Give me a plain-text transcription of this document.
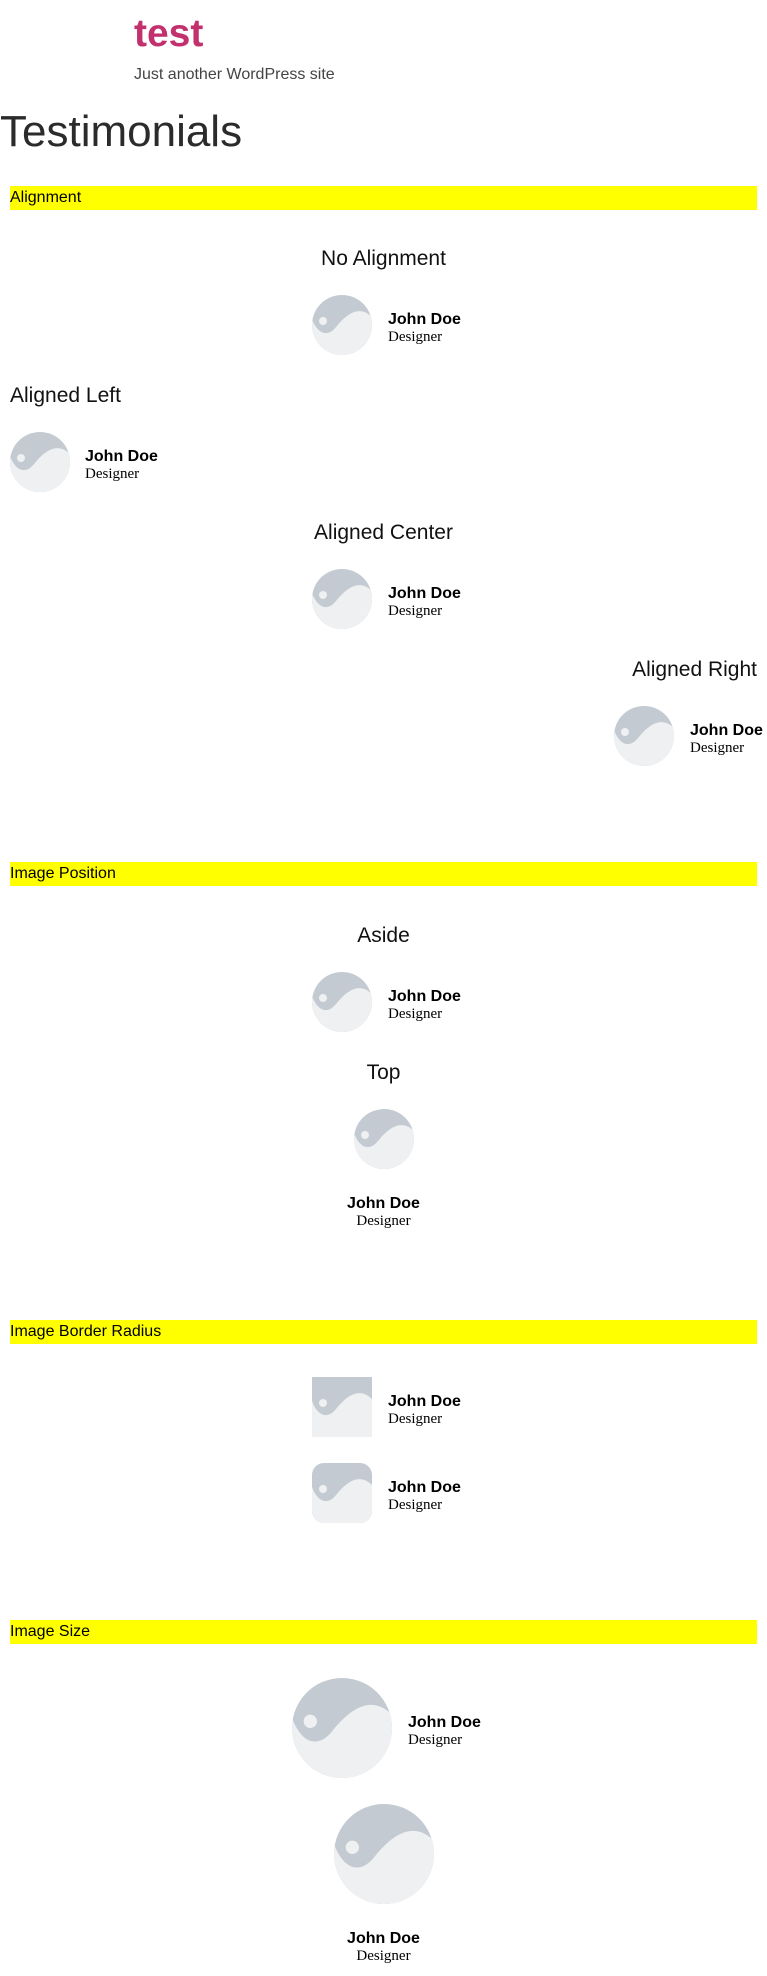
test
Just another WordPress site
Testimonials
Alignment
No Alignment
John Doe
Designer
Aligned Left
John Doe
Designer
Aligned Center
John Doe
Designer
Aligned Right
John Doe
Designer
Image Position
Aside
John Doe
Designer
Top
John Doe
Designer
Image Border Radius
John Doe
Designer
John Doe
Designer
Image Size
John Doe
Designer
John Doe
Designer
